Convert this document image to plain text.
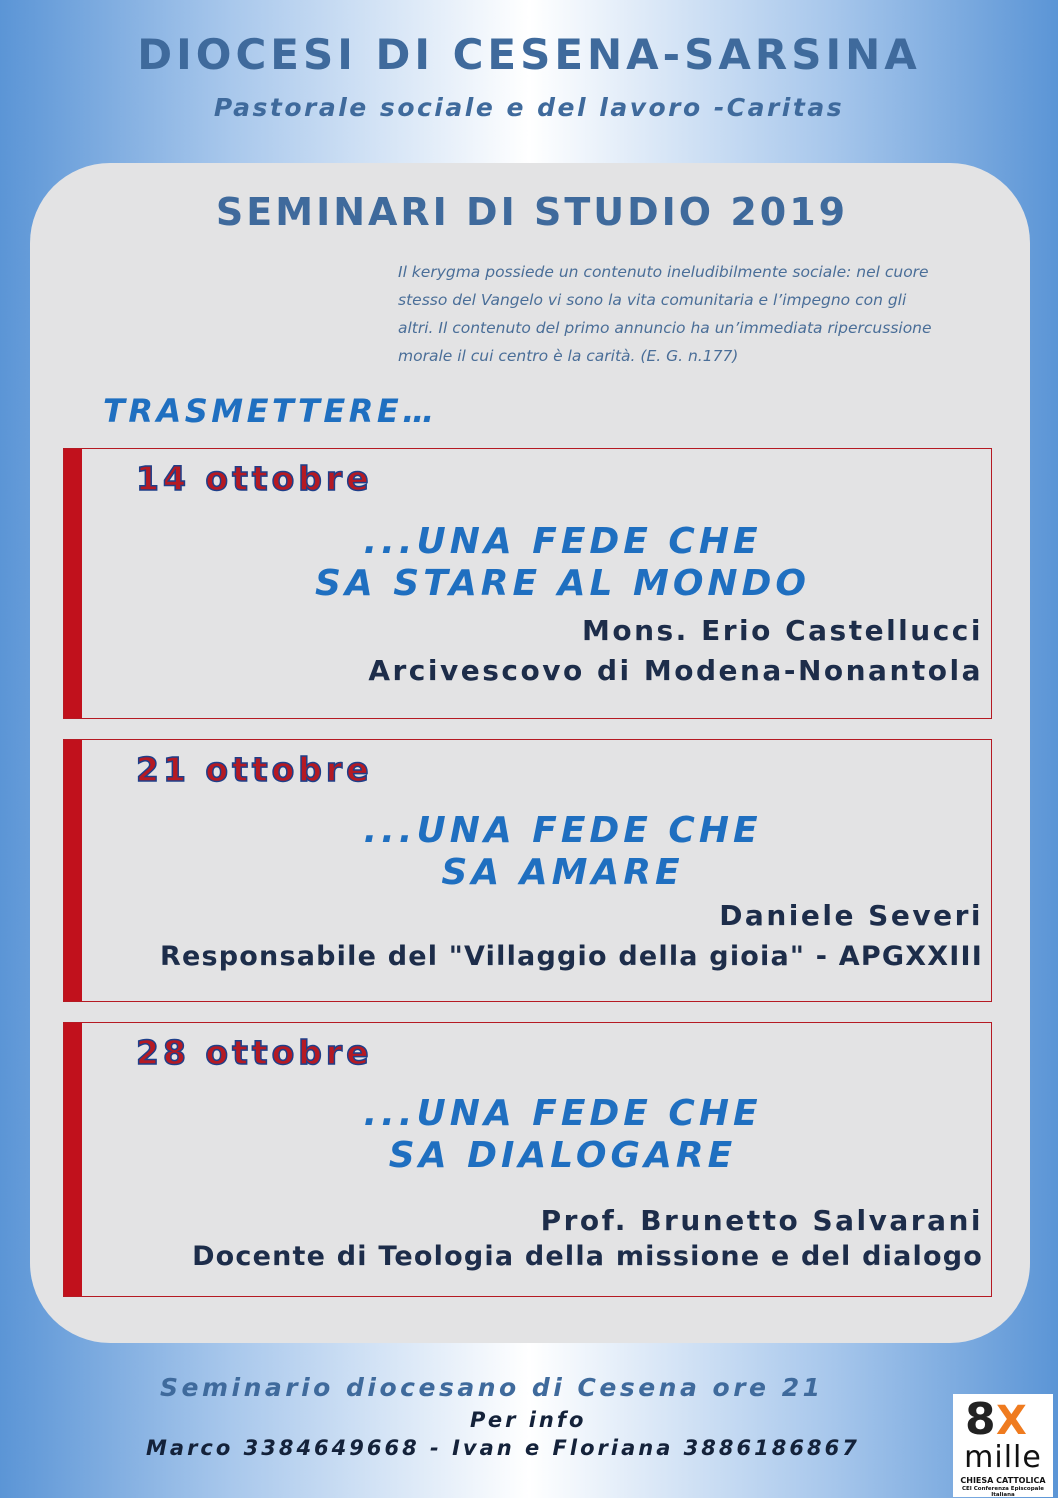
DIOCESI DI CESENA-SARSINA
Pastorale sociale e del lavoro -Caritas
SEMINARI DI STUDIO 2019
Il kerygma possiede un contenuto ineludibilmente sociale: nel cuore
stesso del Vangelo vi sono la vita comunitaria e l’impegno con gli
altri. Il contenuto del primo annuncio ha un’immediata ripercussione
morale il cui centro è la carità. (E. G. n.177)
TRASMETTERE…
14 ottobre
...UNA FEDE CHE
SA STARE AL MONDO
Mons. Erio Castellucci
Arcivescovo di Modena-Nonantola
21 ottobre
...UNA FEDE CHE
SA AMARE
Daniele Severi
Responsabile del "Villaggio della gioia" - APGXXIII
28 ottobre
...UNA FEDE CHE
SA DIALOGARE
Prof. Brunetto Salvarani
Docente di Teologia della missione e del dialogo
Seminario diocesano di Cesena ore 21
Per info
Marco 3384649668 - Ivan e Floriana 3886186867
8 X
mille
CHIESA CATTOLICA
CEI Conferenza Episcopale Italiana
